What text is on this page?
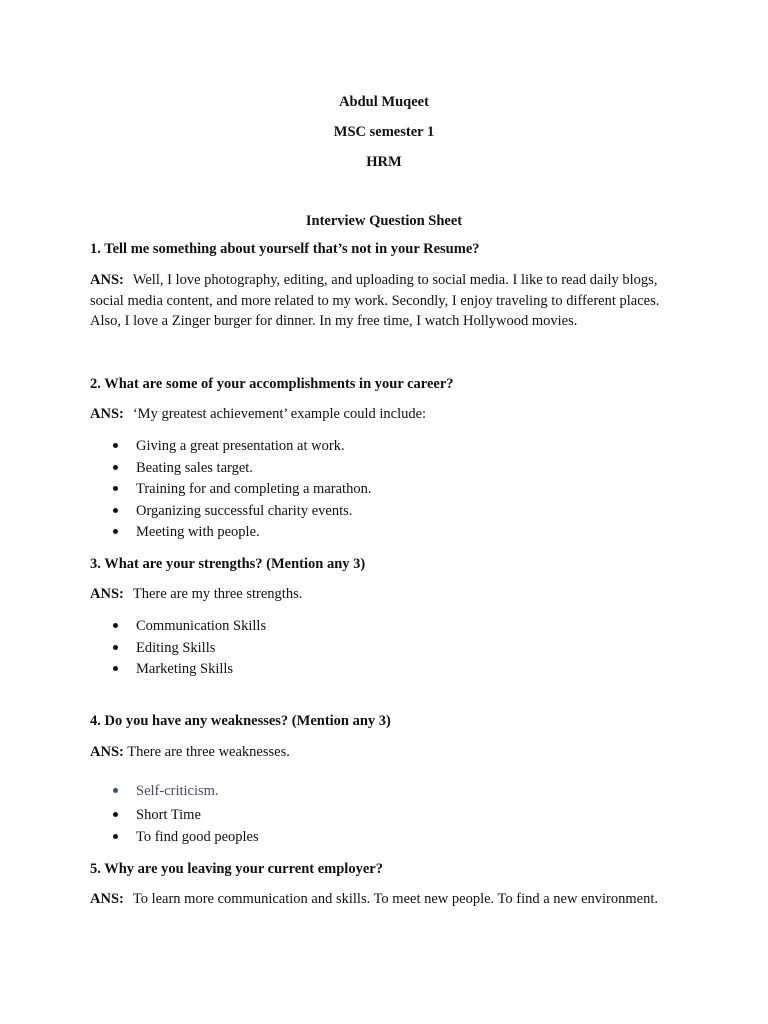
Abdul Muqeet
MSC semester 1
HRM
Interview Question Sheet
1. Tell me something about yourself that’s not in your Resume?
ANS: Well, I love photography, editing, and uploading to social media. I like to read daily blogs, social media content, and more related to my work. Secondly, I enjoy traveling to different places. Also, I love a Zinger burger for dinner. In my free time, I watch Hollywood movies.
2. What are some of your accomplishments in your career?
ANS: ‘My greatest achievement’ example could include:
Giving a great presentation at work.
Beating sales target.
Training for and completing a marathon.
Organizing successful charity events.
Meeting with people.
3. What are your strengths? (Mention any 3)
ANS: There are my three strengths.
Communication Skills
Editing Skills
Marketing Skills
4. Do you have any weaknesses? (Mention any 3)
ANS: There are three weaknesses.
Self-criticism.
Short Time
To find good peoples
5. Why are you leaving your current employer?
ANS: To learn more communication and skills. To meet new people. To find a new environment.
